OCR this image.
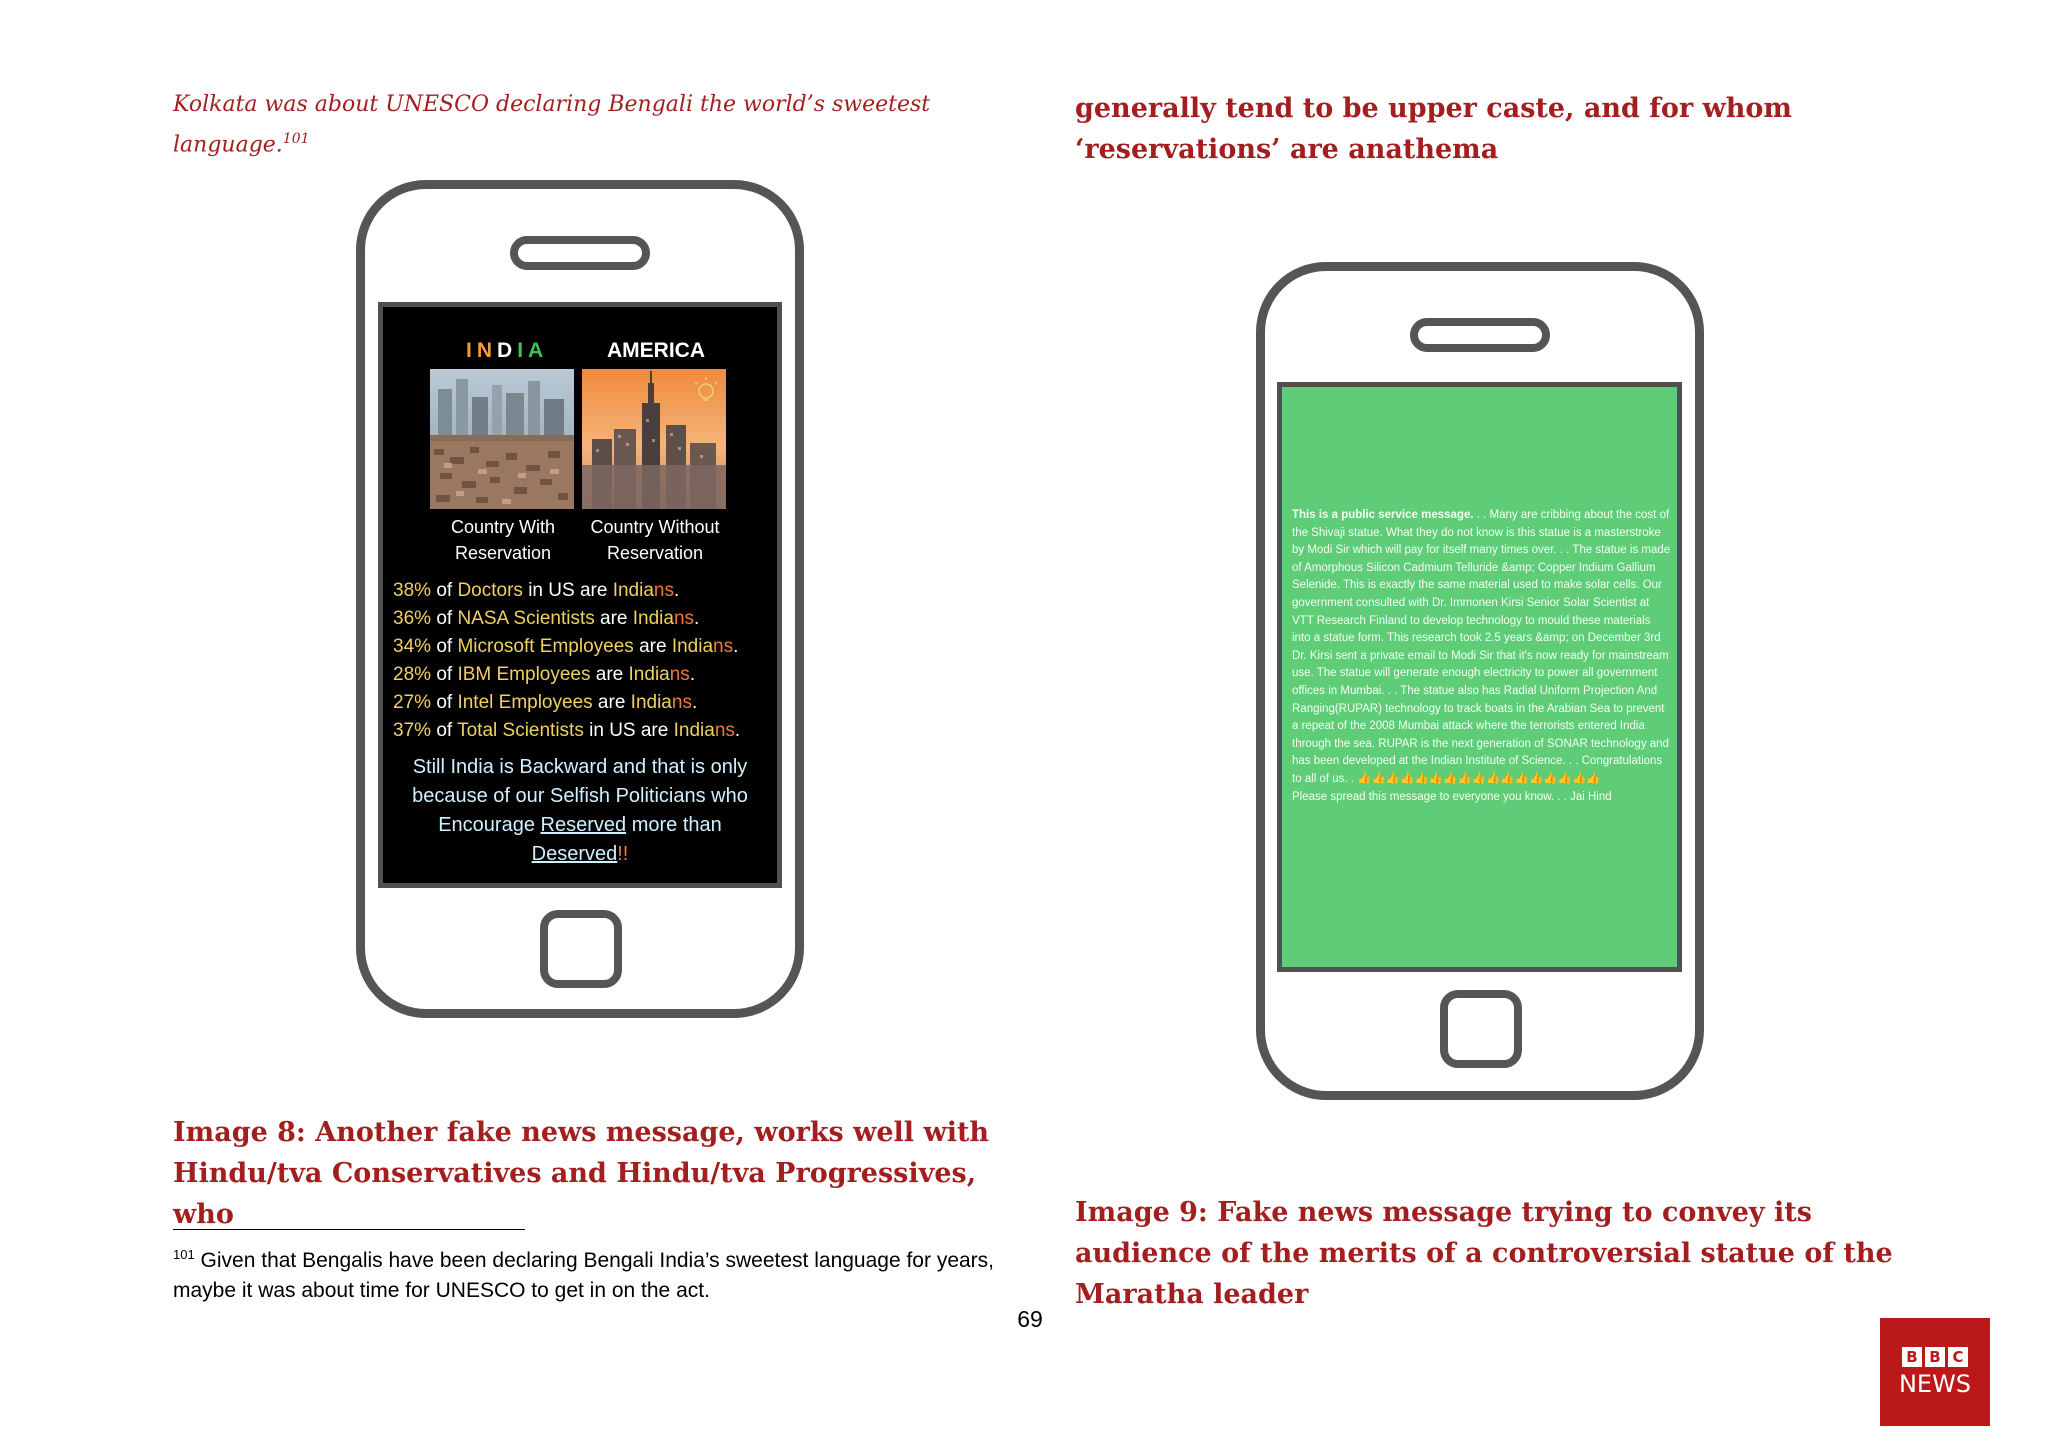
Kolkata was about UNESCO declaring Bengali the world’s sweetest language.$^{101}$
generally tend to be upper caste, and for whom ‘reservations’ are anathema
INDIA	AMERICA
Country With Reservation
Country Without Reservation
38% of Doctors in US are Indians.
36% of NASA Scientists are Indians.
34% of Microsoft Employees are Indians.
28% of IBM Employees are Indians.
27% of Intel Employees are Indians.
37% of Total Scientists in US are Indians.
Still India is Backward and that is only because of our Selfish Politicians who Encourage Reserved more than
Deserved!!
This is a public service message. . . Many are cribbing about the cost of the Shivaji statue. What they do not know is this statue is a masterstroke by Modi Sir which will pay for itself many times over. . . The statue is made of Amorphous Silicon Cadmium Telluride &amp; Copper Indium Gallium Selenide. This is exactly the same material used to make solar cells. Our government consulted with Dr. Immonen Kirsi Senior Solar Scientist at VTT Research Finland to develop technology to mould these materials into a statue form. This research took 2.5 years &amp; on December 3rd Dr. Kirsi sent a private email to Modi Sir that it's now ready for mainstream use. The statue will generate enough electricity to power all government offices in Mumbai. . . The statue also has Radial Uniform Projection And Ranging(RUPAR) technology to track boats in the Arabian Sea to prevent a repeat of the 2008 Mumbai attack where the terrorists entered India through the sea. RUPAR is the next generation of SONAR technology and has been developed at the Indian Institute of Science. . . Congratulations to all of us. . 👍👍👍👍👍👍👍👍👍👍👍👍👍👍👍👍👍
Please spread this message to everyone you know. . . Jai Hind
Image 8: Another fake news message, works well with Hindu/tva Conservatives and Hindu/tva Progressives, who	Image 9: Fake news message trying to convey its audience of the merits of a controversial statue of the Maratha leader
$^{101}$ Given that Bengalis have been declaring Bengali India’s sweetest language for years, maybe it was about time for UNESCO to get in on the act.
69
B B C
NEWS
